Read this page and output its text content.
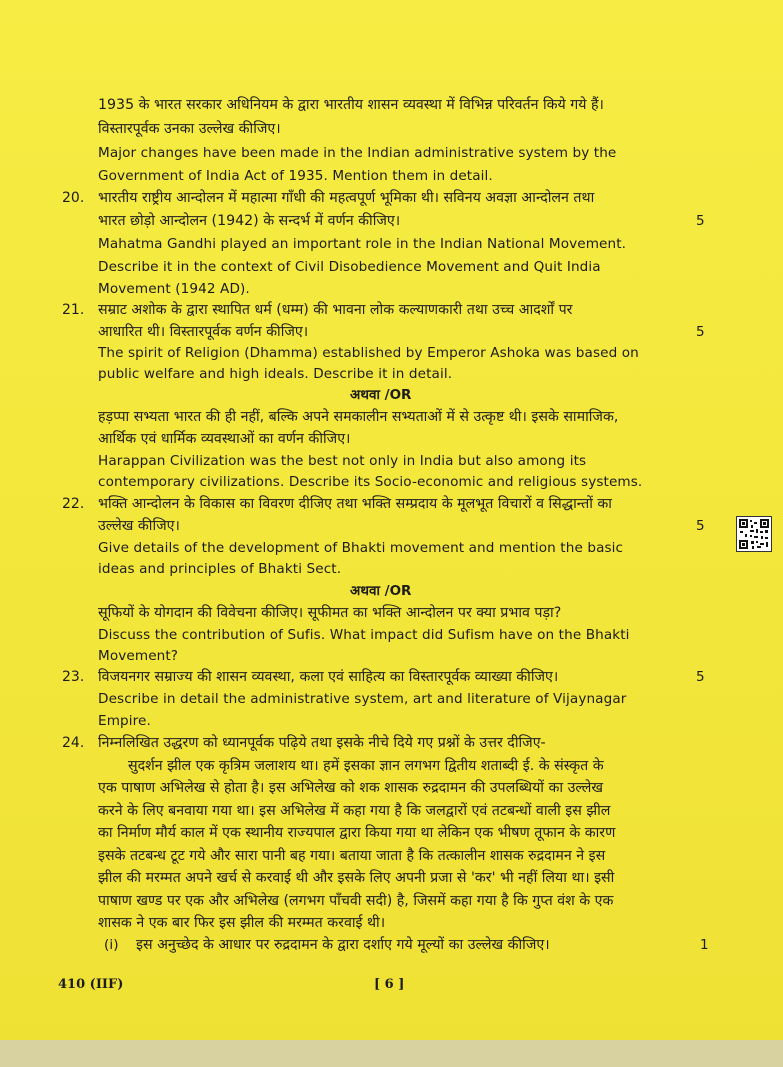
1935 के भारत सरकार अधिनियम के द्वारा भारतीय शासन व्यवस्था में विभिन्न परिवर्तन किये गये हैं।
विस्तारपूर्वक उनका उल्लेख कीजिए।
Major changes have been made in the Indian administrative system by the
Government of India Act of 1935. Mention them in detail.
20. भारतीय राष्ट्रीय आन्दोलन में महात्मा गाँधी की महत्वपूर्ण भूमिका थी। सविनय अवज्ञा आन्दोलन तथा
भारत छोड़ो आन्दोलन (1942) के सन्दर्भ में वर्णन कीजिए।	5
Mahatma Gandhi played an important role in the Indian National Movement.
Describe it in the context of Civil Disobedience Movement and Quit India
Movement (1942 AD).
21. सम्राट अशोक के द्वारा स्थापित धर्म (धम्म) की भावना लोक कल्याणकारी तथा उच्च आदर्शों पर
आधारित थी। विस्तारपूर्वक वर्णन कीजिए।	5
The spirit of Religion (Dhamma) established by Emperor Ashoka was based on
public welfare and high ideals. Describe it in detail.
अथवा /OR
हड़प्पा सभ्यता भारत की ही नहीं, बल्कि अपने समकालीन सभ्यताओं में से उत्कृष्ट थी। इसके सामाजिक,
आर्थिक एवं धार्मिक व्यवस्थाओं का वर्णन कीजिए।
Harappan Civilization was the best not only in India but also among its
contemporary civilizations. Describe its Socio-economic and religious systems.
22. भक्ति आन्दोलन के विकास का विवरण दीजिए तथा भक्ति सम्प्रदाय के मूलभूत विचारों व सिद्धान्तों का
उल्लेख कीजिए।	5
Give details of the development of Bhakti movement and mention the basic
ideas and principles of Bhakti Sect.
अथवा /OR
सूफियों के योगदान की विवेचना कीजिए। सूफीमत का भक्ति आन्दोलन पर क्या प्रभाव पड़ा?
Discuss the contribution of Sufis. What impact did Sufism have on the Bhakti
Movement?
23. विजयनगर सम्राज्य की शासन व्यवस्था, कला एवं साहित्य का विस्तारपूर्वक व्याख्या कीजिए।	5
Describe in detail the administrative system, art and literature of Vijaynagar
Empire.
24. निम्नलिखित उद्धरण को ध्यानपूर्वक पढ़िये तथा इसके नीचे दिये गए प्रश्नों के उत्तर दीजिए-
सुदर्शन झील एक कृत्रिम जलाशय था। हमें इसका ज्ञान लगभग द्वितीय शताब्दी ई. के संस्कृत के
एक पाषाण अभिलेख से होता है। इस अभिलेख को शक शासक रुद्रदामन की उपलब्धियों का उल्लेख
करने के लिए बनवाया गया था। इस अभिलेख में कहा गया है कि जलद्वारों एवं तटबन्धों वाली इस झील
का निर्माण मौर्य काल में एक स्थानीय राज्यपाल द्वारा किया गया था लेकिन एक भीषण तूफान के कारण
इसके तटबन्ध टूट गये और सारा पानी बह गया। बताया जाता है कि तत्कालीन शासक रुद्रदामन ने इस
झील की मरम्मत अपने खर्च से करवाई थी और इसके लिए अपनी प्रजा से 'कर' भी नहीं लिया था। इसी
पाषाण खण्ड पर एक और अभिलेख (लगभग पाँचवी सदी) है, जिसमें कहा गया है कि गुप्त वंश के एक
शासक ने एक बार फिर इस झील की मरम्मत करवाई थी।
(i) इस अनुच्छेद के आधार पर रुद्रदामन के द्वारा दर्शाए गये मूल्यों का उल्लेख कीजिए।	1
410 (IIF)	[ 6 ]
